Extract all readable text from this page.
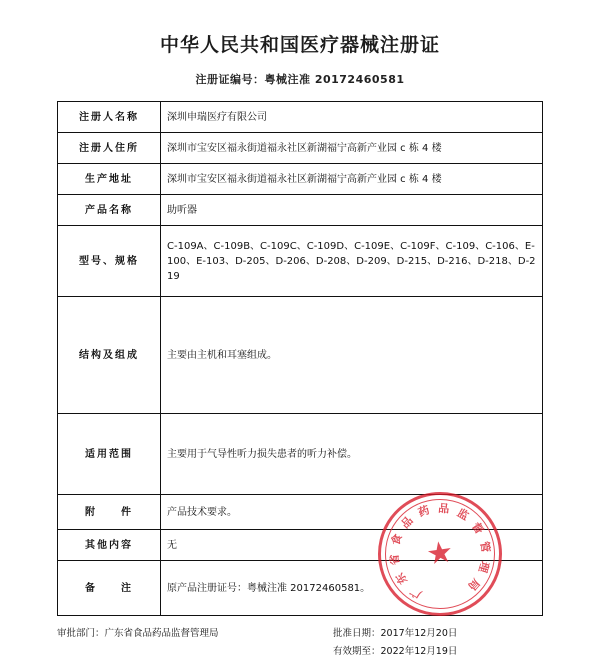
中华人民共和国医疗器械注册证
注册证编号：粤械注准 20172460581
注册人名称	深圳申瑞医疗有限公司
注册人住所	深圳市宝安区福永街道福永社区新湖福宁高新产业园 c 栋 4 楼
生产地址	深圳市宝安区福永街道福永社区新湖福宁高新产业园 c 栋 4 楼
产品名称	助听器
型号、规格	C-109A、C-109B、C-109C、C-109D、C-109E、C-109F、C-109、C-106、E-100、E-103、D-205、D-206、D-208、D-209、D-215、D-216、D-218、D-219
结构及组成	主要由主机和耳塞组成。
适用范围	主要用于气导性听力损失患者的听力补偿。
附　　件	产品技术要求。
其他内容	无
备　　注	原产品注册证号：粤械注准 20172460581。
审批部门：广东省食品药品监督管理局	批准日期：2017年12月20日
有效期至：2022年12月19日
★
广
东
省
食
品
药 品 监
督
管
理
局
